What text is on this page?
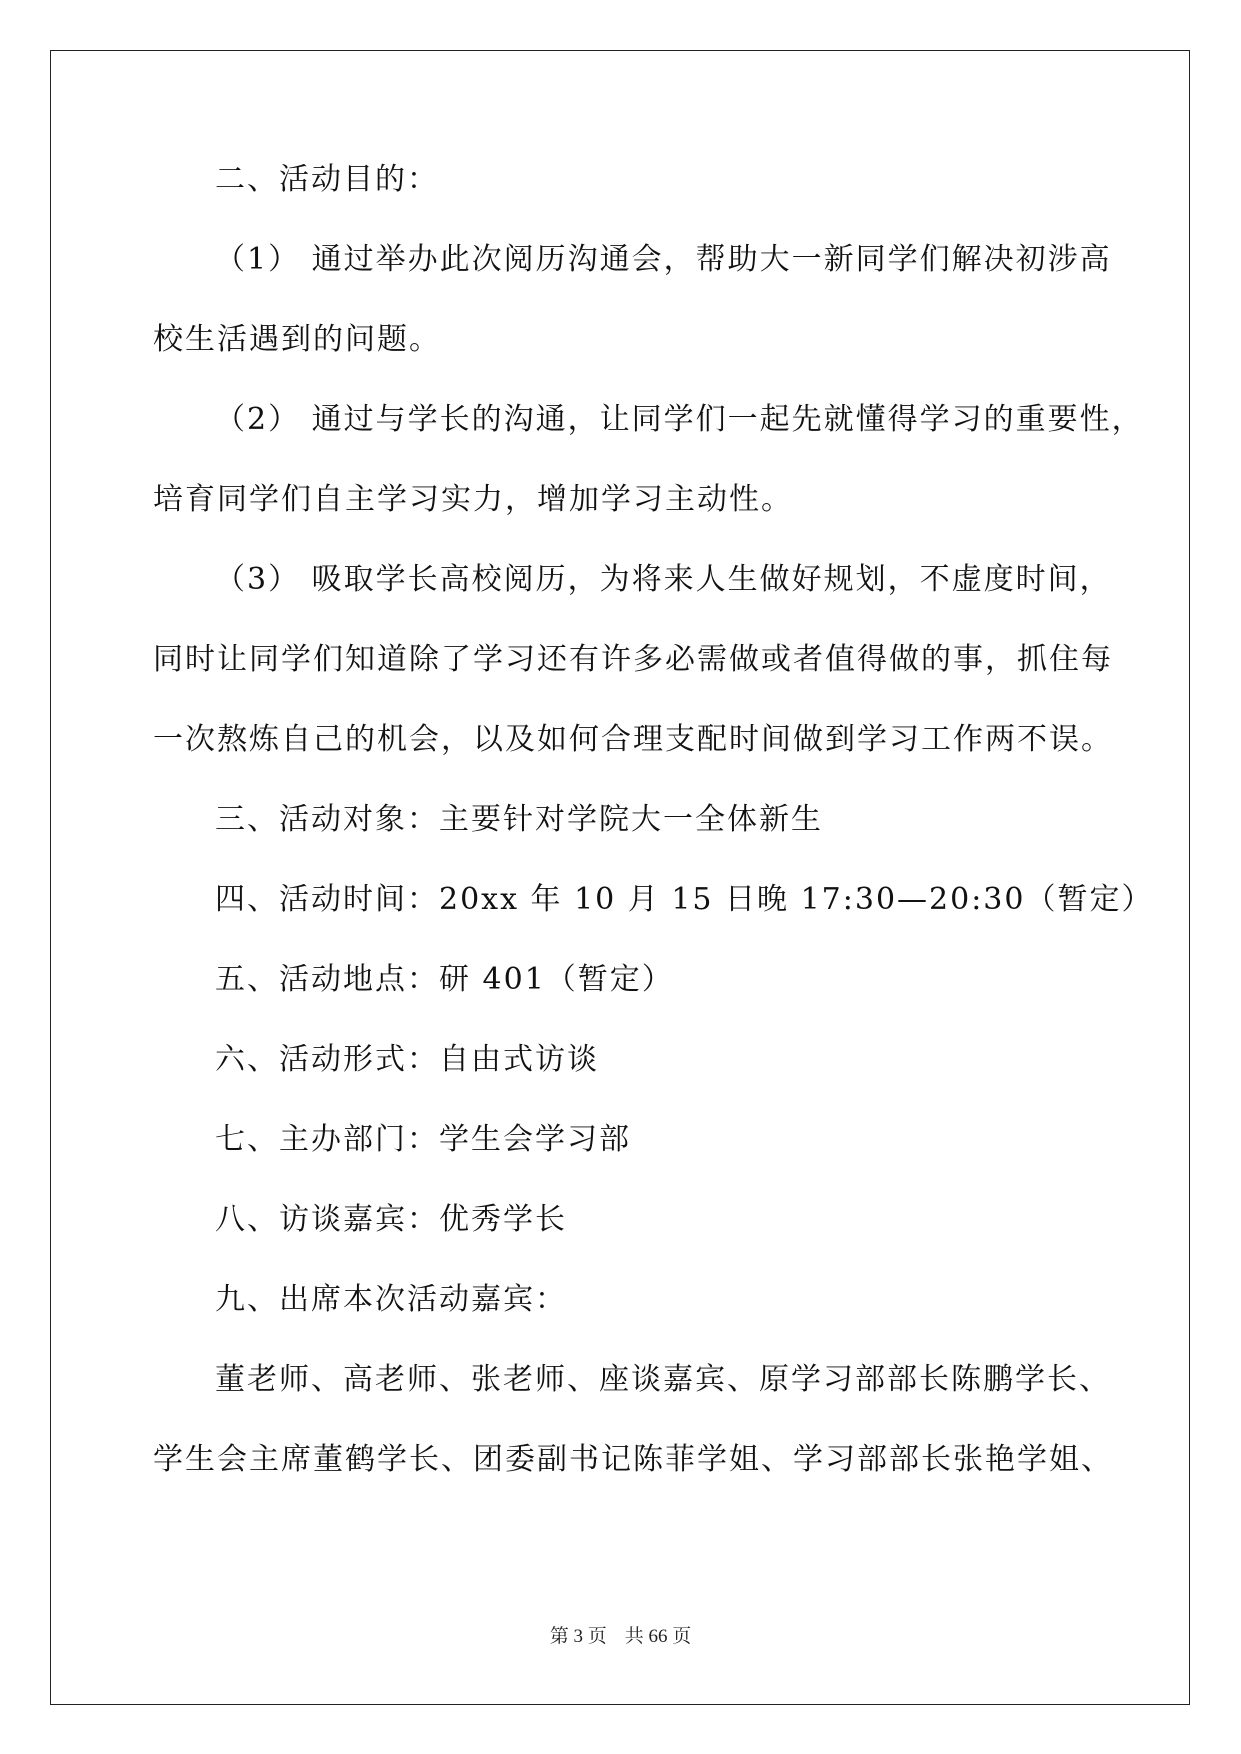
二、活动目的：
（1） 通过举办此次阅历沟通会，帮助大一新同学们解决初涉高
校生活遇到的问题。
（2） 通过与学长的沟通，让同学们一起先就懂得学习的重要性，
培育同学们自主学习实力，增加学习主动性。
（3） 吸取学长高校阅历，为将来人生做好规划，不虚度时间，
同时让同学们知道除了学习还有许多必需做或者值得做的事，抓住每
一次熬炼自己的机会，以及如何合理支配时间做到学习工作两不误。
三、活动对象：主要针对学院大一全体新生
四、活动时间：20xx 年 10 月 15 日晚 17:30—20:30（暂定）
五、活动地点：研 401（暂定）
六、活动形式：自由式访谈
七、主办部门：学生会学习部
八、访谈嘉宾：优秀学长
九、出席本次活动嘉宾：
董老师、高老师、张老师、座谈嘉宾、原学习部部长陈鹏学长、
学生会主席董鹤学长、团委副书记陈菲学姐、学习部部长张艳学姐、
第 3 页 共 66 页
